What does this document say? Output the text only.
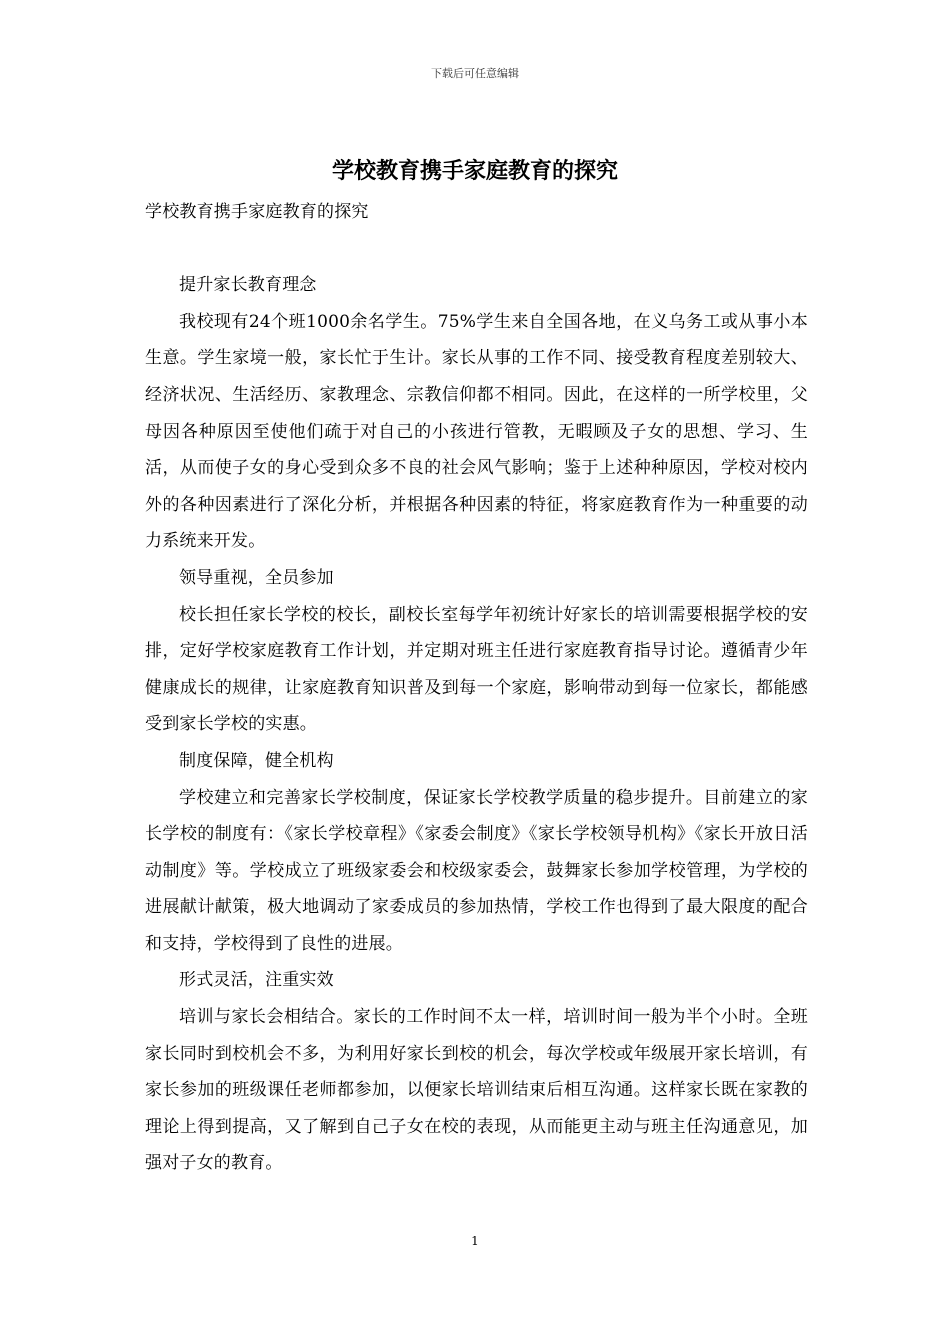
下载后可任意编辑
学校教育携手家庭教育的探究

学校教育携手家庭教育的探究

提升家长教育理念

我校现有24个班1000余名学生。75%学生来自全国各地，在义乌务工或从事小本生意。学生家境一般，家长忙于生计。家长从事的工作不同、接受教育程度差别较大、经济状况、生活经历、家教理念、宗教信仰都不相同。因此，在这样的一所学校里，父母因各种原因至使他们疏于对自己的小孩进行管教，无暇顾及子女的思想、学习、生活，从而使子女的身心受到众多不良的社会风气影响；鉴于上述种种原因，学校对校内外的各种因素进行了深化分析，并根据各种因素的特征，将家庭教育作为一种重要的动力系统来开发。

领导重视，全员参加

校长担任家长学校的校长，副校长室每学年初统计好家长的培训需要根据学校的安排，定好学校家庭教育工作计划，并定期对班主任进行家庭教育指导讨论。遵循青少年健康成长的规律，让家庭教育知识普及到每一个家庭，影响带动到每一位家长，都能感受到家长学校的实惠。

制度保障，健全机构

学校建立和完善家长学校制度，保证家长学校教学质量的稳步提升。目前建立的家长学校的制度有：《家长学校章程》《家委会制度》《家长学校领导机构》《家长开放日活动制度》等。学校成立了班级家委会和校级家委会，鼓舞家长参加学校管理，为学校的进展献计献策，极大地调动了家委成员的参加热情，学校工作也得到了最大限度的配合和支持，学校得到了良性的进展。

形式灵活，注重实效

培训与家长会相结合。家长的工作时间不太一样，培训时间一般为半个小时。全班家长同时到校机会不多，为利用好家长到校的机会，每次学校或年级展开家长培训，有家长参加的班级课任老师都参加，以便家长培训结束后相互沟通。这样家长既在家教的理论上得到提高，又了解到自己子女在校的表现，从而能更主动与班主任沟通意见，加强对子女的教育。

1
